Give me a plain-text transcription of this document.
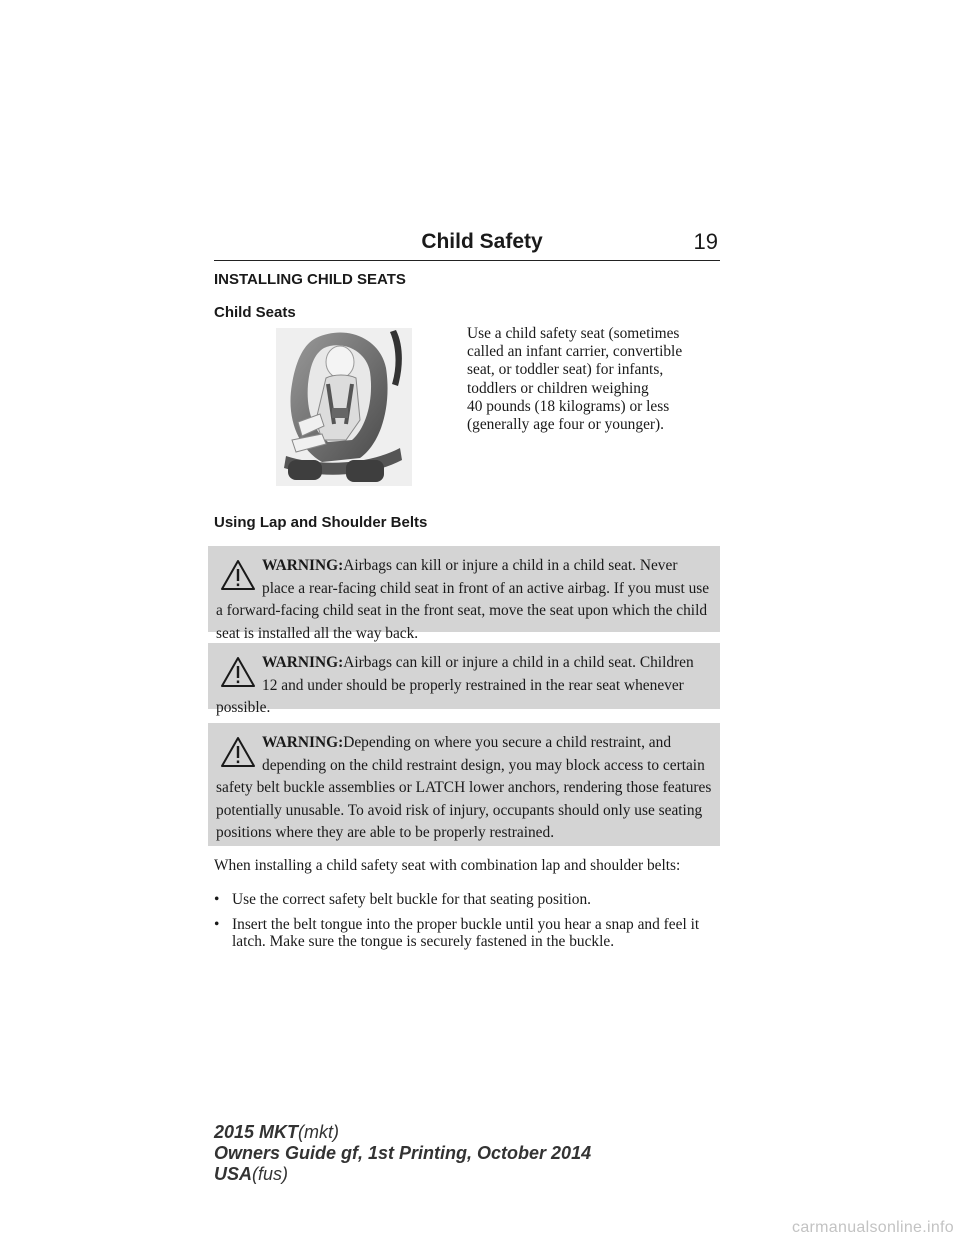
Child Safety	19
INSTALLING CHILD SEATS
Child Seats
Use a child safety seat (sometimes
called an infant carrier, convertible
seat, or toddler seat) for infants,
toddlers or children weighing
40 pounds (18 kilograms) or less
(generally age four or younger).
Using Lap and Shoulder Belts
WARNING:Airbags can kill or injure a child in a child seat. Never place a rear-facing child seat in front of an active airbag. If you must use a forward-facing child seat in the front seat, move the seat upon which the child seat is installed all the way back.
WARNING:Airbags can kill or injure a child in a child seat. Children 12 and under should be properly restrained in the rear seat whenever possible.
WARNING:Depending on where you secure a child restraint, and depending on the child restraint design, you may block access to certain safety belt buckle assemblies or LATCH lower anchors, rendering those features potentially unusable. To avoid risk of injury, occupants should only use seating positions where they are able to be properly restrained.
When installing a child safety seat with combination lap and shoulder belts:
• Use the correct safety belt buckle for that seating position.
• Insert the belt tongue into the proper buckle until you hear a snap and feel it latch. Make sure the tongue is securely fastened in the buckle.
2015 MKT(mkt)
Owners Guide gf, 1st Printing, October 2014
USA(fus)
carmanualsonline.info
